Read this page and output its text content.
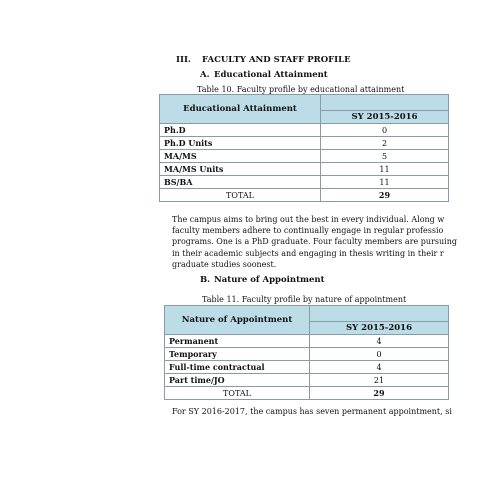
III. FACULTY AND STAFF PROFILE
A. Educational Attainment
Table 10. Faculty profile by educational attainment
Educational Attainment	
	SY 2015-2016
Ph.D	0
Ph.D Units	2
MA/MS	5
MA/MS Units	11
BS/BA	11
TOTAL	29
The campus aims to bring out the best in every individual. Along w
faculty members adhere to continually engage in regular professio
programs. One is a PhD graduate. Four faculty members are pursuing
in their academic subjects and engaging in thesis writing in their r
graduate studies soonest.
B. Nature of Appointment
Table 11. Faculty profile by nature of appointment
Nature of Appointment	
	SY 2015-2016
Permanent	4
Temporary	0
Full-time contractual	4
Part time/JO	21
TOTAL	29
For SY 2016-2017, the campus has seven permanent appointment, si
